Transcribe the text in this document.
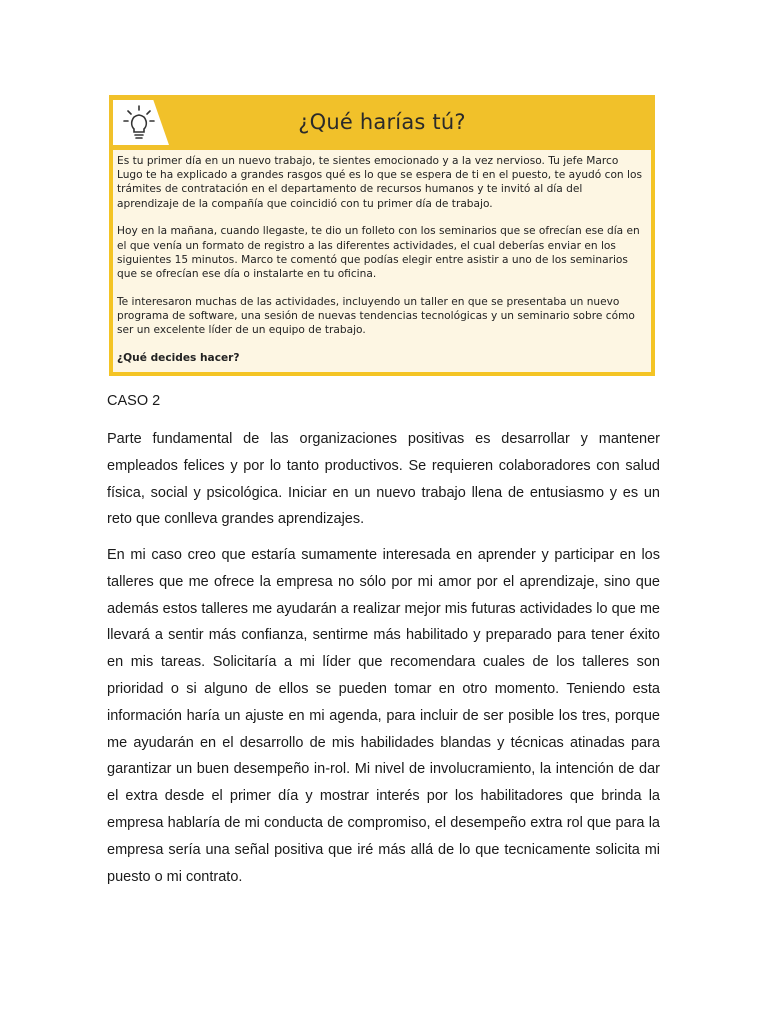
¿Qué harías tú?

Es tu primer día en un nuevo trabajo, te sientes emocionado y a la vez nervioso. Tu jefe Marco Lugo te ha explicado a grandes rasgos qué es lo que se espera de ti en el puesto, te ayudó con los trámites de contratación en el departamento de recursos humanos y te invitó al día del aprendizaje de la compañía que coincidió con tu primer día de trabajo.

Hoy en la mañana, cuando llegaste, te dio un folleto con los seminarios que se ofrecían ese día en el que venía un formato de registro a las diferentes actividades, el cual deberías enviar en los siguientes 15 minutos. Marco te comentó que podías elegir entre asistir a uno de los seminarios que se ofrecían ese día o instalarte en tu oficina.

Te interesaron muchas de las actividades, incluyendo un taller en que se presentaba un nuevo programa de software, una sesión de nuevas tendencias tecnológicas y un seminario sobre cómo ser un excelente líder de un equipo de trabajo.

¿Qué decides hacer?

CASO 2

Parte fundamental de las organizaciones positivas es desarrollar y mantener empleados felices y por lo tanto productivos. Se requieren colaboradores con salud física, social y psicológica. Iniciar en un nuevo trabajo llena de entusiasmo y es un reto que conlleva grandes aprendizajes.

En mi caso creo que estaría sumamente interesada en aprender y participar en los talleres que me ofrece la empresa no sólo por mi amor por el aprendizaje, sino que además estos talleres me ayudarán a realizar mejor mis futuras actividades lo que me llevará a sentir más confianza, sentirme más habilitado y preparado para tener éxito en mis tareas. Solicitaría a mi líder que recomendara cuales de los talleres son prioridad o si alguno de ellos se pueden tomar en otro momento. Teniendo esta información haría un ajuste en mi agenda, para incluir de ser posible los tres, porque me ayudarán en el desarrollo de mis habilidades blandas y técnicas atinadas para garantizar un buen desempeño in-rol. Mi nivel de involucramiento, la intención de dar el extra desde el primer día y mostrar interés por los habilitadores que brinda la empresa hablaría de mi conducta de compromiso, el desempeño extra rol que para la empresa sería una señal positiva que iré más allá de lo que tecnicamente solicita mi puesto o mi contrato.
